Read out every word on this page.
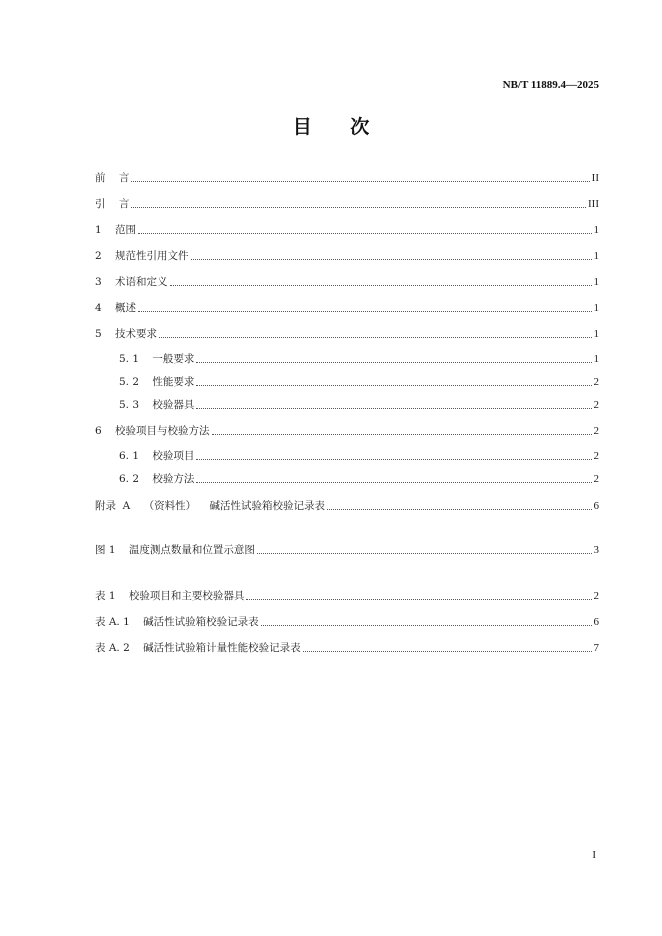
NB/T 11889.4—2025
目 次
前    言	II
引    言	III
1    范围	1
2    规范性引用文件	1
3    术语和定义	1
4    概述	1
5    技术要求	1
5. 1    一般要求	1
5. 2    性能要求	2
5. 3    校验器具	2
6    校验项目与校验方法	2
6. 1    校验项目	2
6. 2    校验方法	2
附录  A    （资料性）    碱活性试验箱校验记录表	6
图 1    温度测点数量和位置示意图	3
表 1    校验项目和主要校验器具	2
表 A. 1    碱活性试验箱校验记录表	6
表 A. 2    碱活性试验箱计量性能校验记录表	7
I
